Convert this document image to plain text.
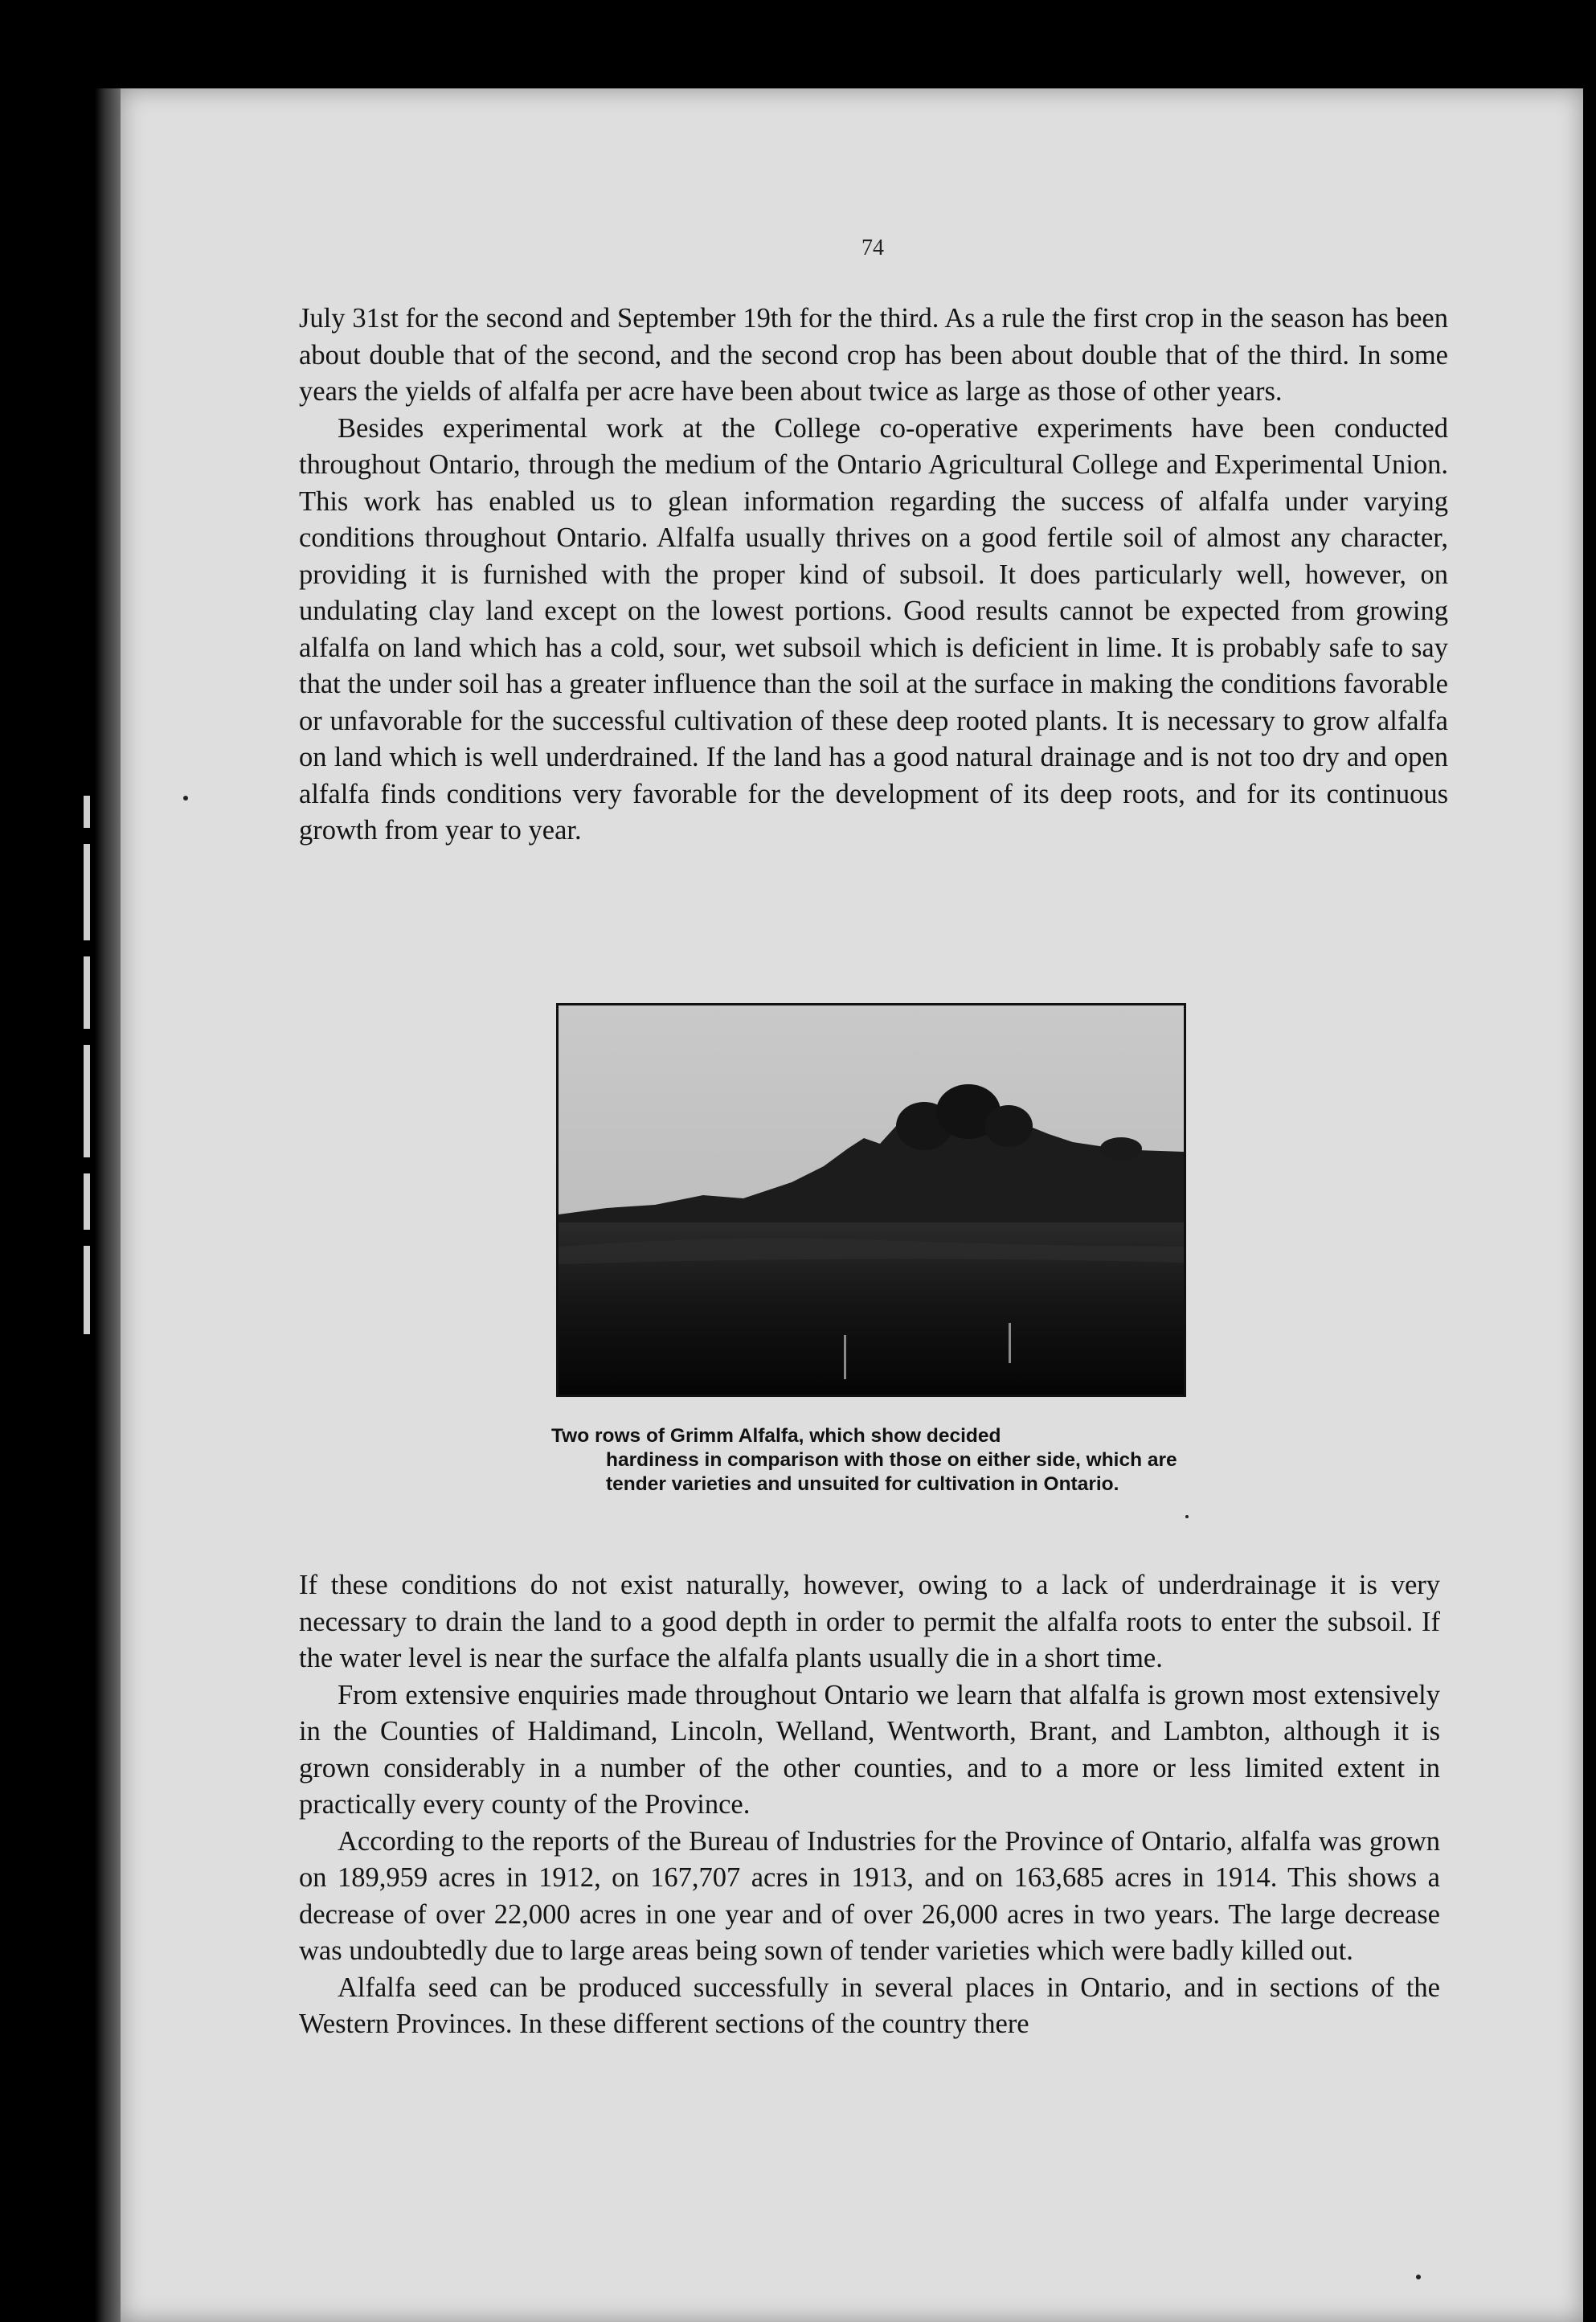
74

July 31st for the second and September 19th for the third. As a rule the first crop in the season has been about double that of the second, and the second crop has been about double that of the third. In some years the yields of alfalfa per acre have been about twice as large as those of other years.

Besides experimental work at the College co-operative experiments have been conducted throughout Ontario, through the medium of the Ontario Agricultural College and Experimental Union. This work has enabled us to glean information regarding the success of alfalfa under varying conditions throughout Ontario. Alfalfa usually thrives on a good fertile soil of almost any character, providing it is furnished with the proper kind of subsoil. It does particularly well, however, on undulating clay land except on the lowest portions. Good results cannot be expected from growing alfalfa on land which has a cold, sour, wet subsoil which is deficient in lime. It is probably safe to say that the under soil has a greater influence than the soil at the surface in making the conditions favorable or unfavorable for the successful cultivation of these deep rooted plants. It is necessary to grow alfalfa on land which is well underdrained. If the land has a good natural drainage and is not too dry and open alfalfa finds conditions very favorable for the development of its deep roots, and for its continuous growth from year to year.

Two rows of Grimm Alfalfa, which show decided
hardiness in comparison with those on either side, which are tender varieties and unsuited for cultivation in Ontario.

If these conditions do not exist naturally, however, owing to a lack of underdrainage it is very necessary to drain the land to a good depth in order to permit the alfalfa roots to enter the subsoil. If the water level is near the surface the alfalfa plants usually die in a short time.

From extensive enquiries made throughout Ontario we learn that alfalfa is grown most extensively in the Counties of Haldimand, Lincoln, Welland, Wentworth, Brant, and Lambton, although it is grown considerably in a number of the other counties, and to a more or less limited extent in practically every county of the Province.

According to the reports of the Bureau of Industries for the Province of Ontario, alfalfa was grown on 189,959 acres in 1912, on 167,707 acres in 1913, and on 163,685 acres in 1914. This shows a decrease of over 22,000 acres in one year and of over 26,000 acres in two years. The large decrease was undoubtedly due to large areas being sown of tender varieties which were badly killed out.

Alfalfa seed can be produced successfully in several places in Ontario, and in sections of the Western Provinces. In these different sections of the country there
